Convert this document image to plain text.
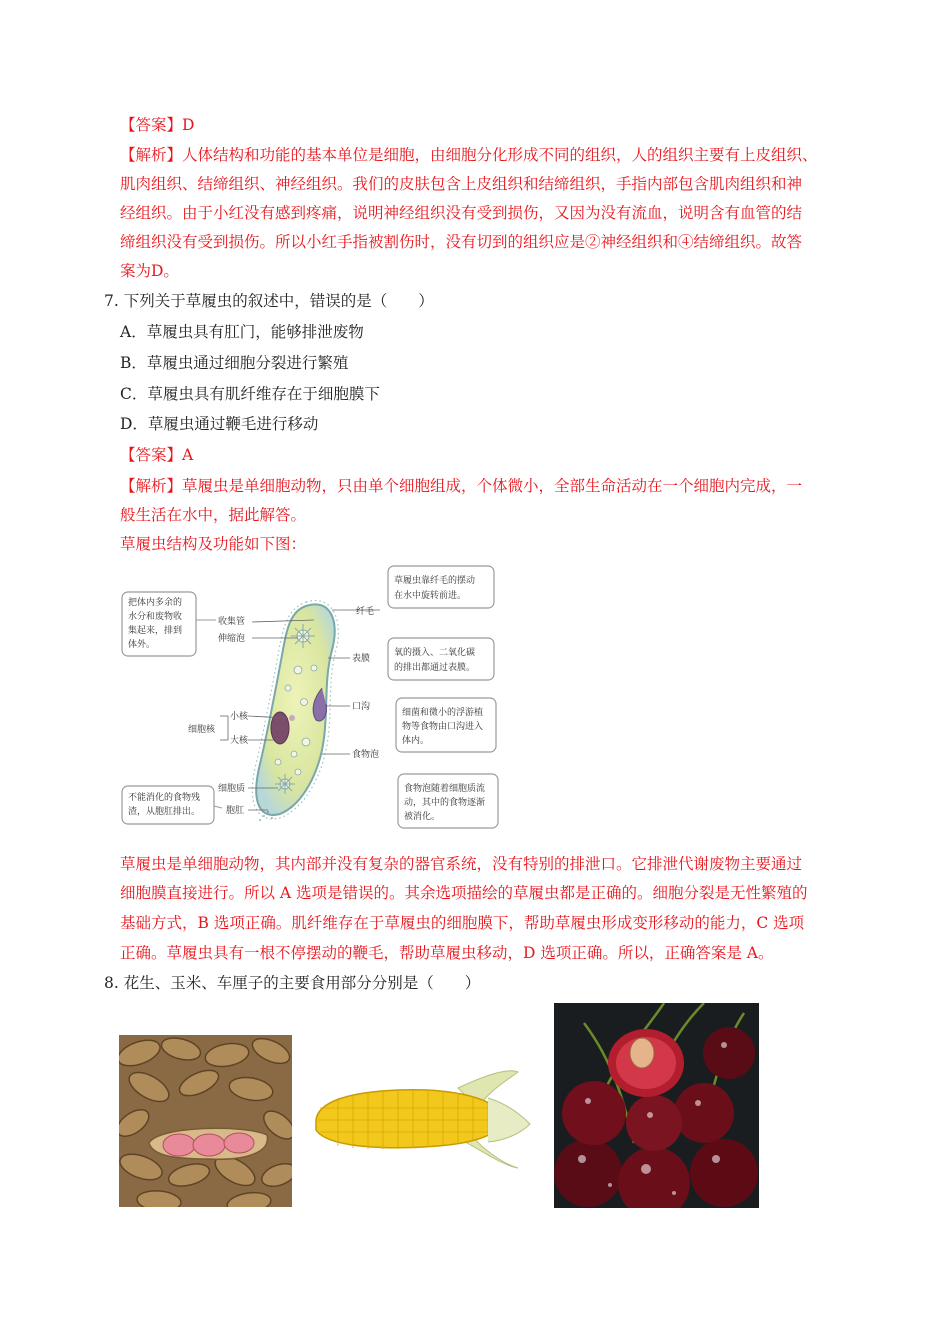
【答案】D
【解析】人体结构和功能的基本单位是细胞，由细胞分化形成不同的组织，人的组织主要有上皮组织、
肌肉组织、结缔组织、神经组织。我们的皮肤包含上皮组织和结缔组织，手指内部包含肌肉组织和神
经组织。由于小红没有感到疼痛，说明神经组织没有受到损伤，又因为没有流血，说明含有血管的结
缔组织没有受到损伤。所以小红手指被割伤时，没有切到的组织应是②神经组织和④结缔组织。故答
案为D。
7. 下列关于草履虫的叙述中，错误的是（　　）
A．草履虫具有肛门，能够排泄废物
B．草履虫通过细胞分裂进行繁殖
C．草履虫具有肌纤维存在于细胞膜下
D．草履虫通过鞭毛进行移动
【答案】A
【解析】草履虫是单细胞动物，只由单个细胞组成，个体微小，全部生命活动在一个细胞内完成，一
般生活在水中，据此解答。
草履虫结构及功能如下图：
把体内多余的
水分和废物收
集起来，排到
体外。
收集管
伸缩泡
细胞核
小核
大核
细胞质
胞肛
不能消化的食物残
渣，从胞肛排出。
纤毛
表膜
口沟
食物泡
草履虫靠纤毛的摆动
在水中旋转前进。
氧的摄入、二氧化碳
的排出都通过表膜。
细菌和微小的浮游植
物等食物由口沟进入
体内。
食物泡随着细胞质流
动，其中的食物逐渐
被消化。
草履虫是单细胞动物，其内部并没有复杂的器官系统，没有特别的排泄口。它排泄代谢废物主要通过
细胞膜直接进行。所以 A 选项是错误的。其余选项描绘的草履虫都是正确的。细胞分裂是无性繁殖的
基础方式，B 选项正确。肌纤维存在于草履虫的细胞膜下，帮助草履虫形成变形移动的能力，C 选项
正确。草履虫具有一根不停摆动的鞭毛，帮助草履虫移动，D 选项正确。所以，正确答案是 A。
8. 花生、玉米、车厘子的主要食用部分分别是（　　）
